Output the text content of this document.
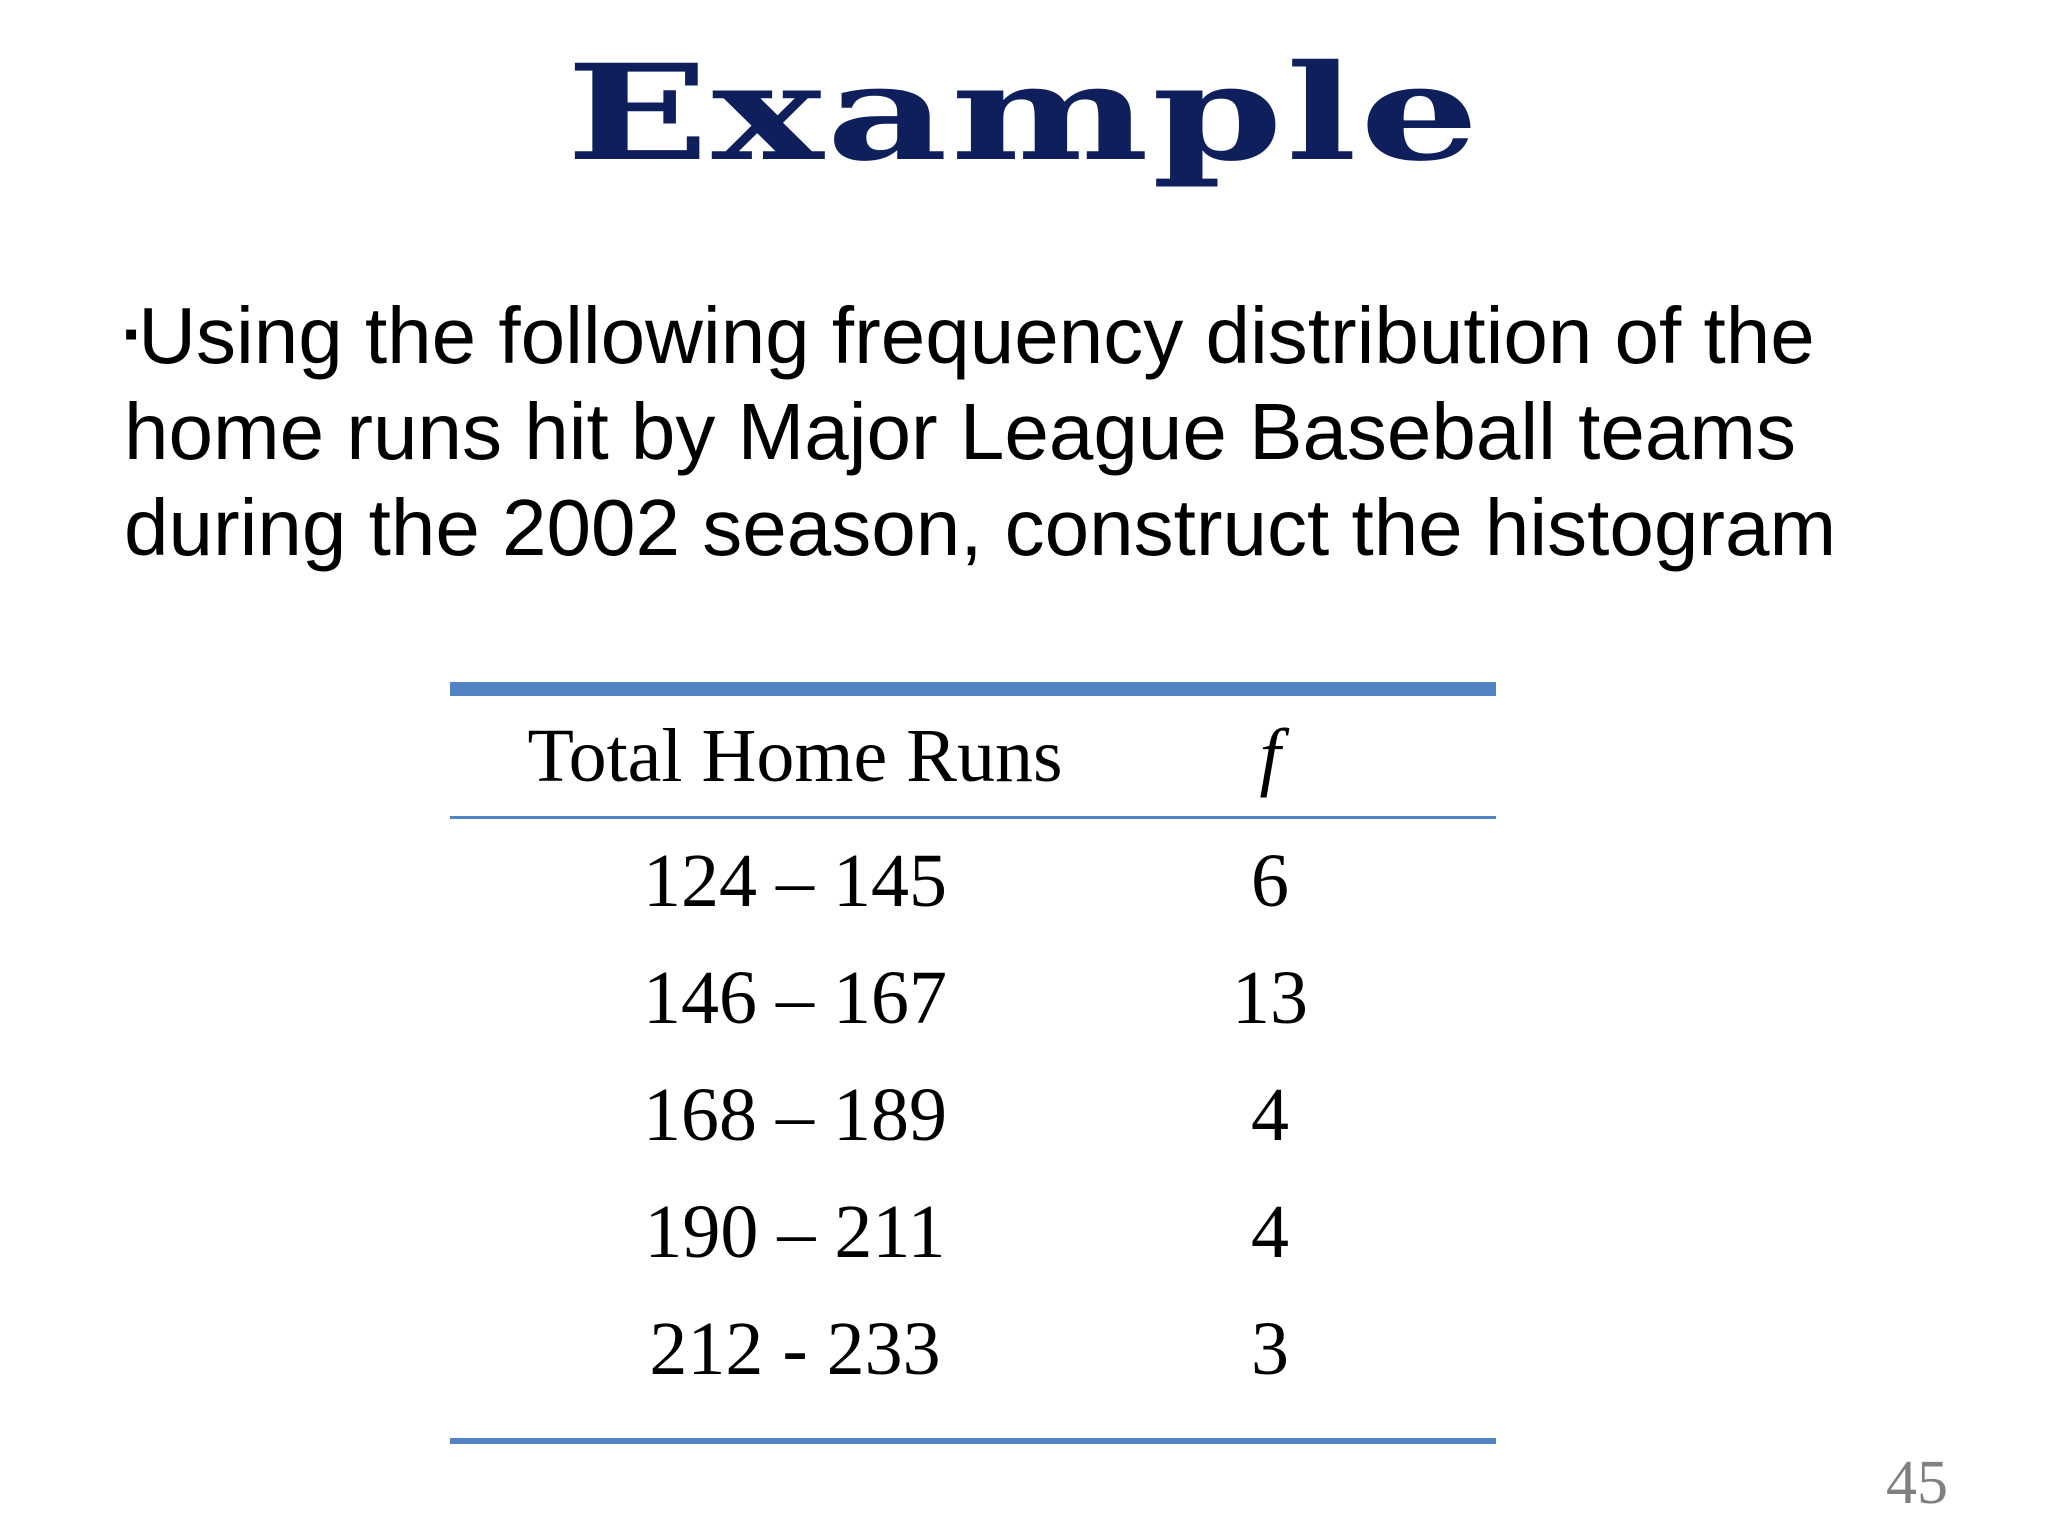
Example
▪Using the following frequency distribution of the
home runs hit by Major League Baseball teams
during the 2002 season, construct the histogram
Total Home Runs	f
124 – 145	6
146 – 167	13
168 – 189	4
190 – 211	4
212 - 233	3
45
